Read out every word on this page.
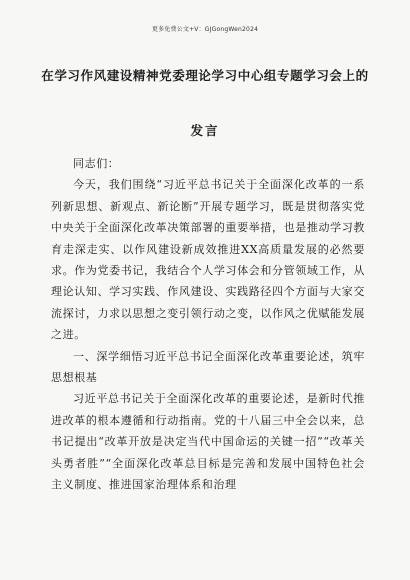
更多免费公文+V：GJGongWen2024
在学习作风建设精神党委理论学习中心组专题学习会上的
发言

同志们：

今天，我们围绕“习近平总书记关于全面深化改革的一系列新思想、新观点、新论断”开展专题学习，既是贯彻落实党中央关于全面深化改革决策部署的重要举措，也是推动学习教育走深走实、以作风建设新成效推进XX高质量发展的必然要求。作为党委书记，我结合个人学习体会和分管领域工作，从理论认知、学习实践、作风建设、实践路径四个方面与大家交流探讨，力求以思想之变引领行动之变，以作风之优赋能发展之进。

一、深学细悟习近平总书记全面深化改革重要论述，筑牢思想根基

习近平总书记关于全面深化改革的重要论述，是新时代推进改革的根本遵循和行动指南。党的十八届三中全会以来，总书记提出“改革开放是决定当代中国命运的关键一招”“改革关头勇者胜”“全面深化改革总目标是完善和发展中国特色社会主义制度、推进国家治理体系和治理
